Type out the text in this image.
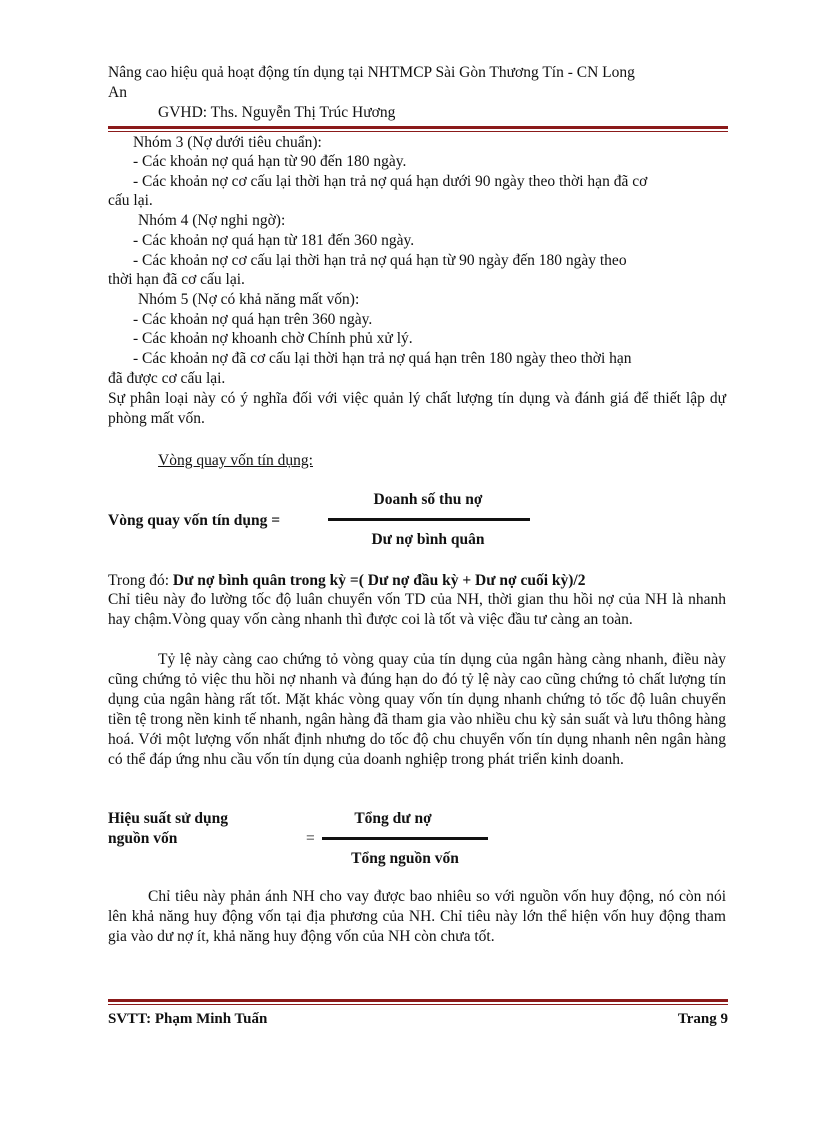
Nâng cao hiệu quả hoạt động tín dụng tại NHTMCP Sài Gòn Thương Tín - CN Long
An
GVHD: Ths. Nguyễn Thị Trúc Hương
Nhóm 3 (Nợ dưới tiêu chuẩn):
- Các khoản nợ quá hạn từ 90 đến 180 ngày.
- Các khoản nợ cơ cấu lại thời hạn trả nợ quá hạn dưới 90 ngày theo thời hạn đã cơ
cấu lại.
Nhóm 4 (Nợ nghi ngờ):
- Các khoản nợ quá hạn từ 181 đến 360 ngày.
- Các khoản nợ cơ cấu lại thời hạn trả nợ quá hạn từ 90 ngày đến 180 ngày theo
thời hạn đã cơ cấu lại.
Nhóm 5 (Nợ có khả năng mất vốn):
- Các khoản nợ quá hạn trên 360 ngày.
- Các khoản nợ khoanh chờ Chính phủ xử lý.
- Các khoản nợ đã cơ cấu lại thời hạn trả nợ quá hạn trên 180 ngày theo thời hạn
đã được cơ cấu lại.
Sự phân loại này có ý nghĩa đối với việc quản lý chất lượng tín dụng và đánh giá để thiết lập dự phòng mất vốn.
Vòng quay vốn tín dụng:
Vòng quay vốn tín dụng =
Doanh số thu nợ
Dư nợ bình quân
Trong đó: Dư nợ bình quân trong kỳ =( Dư nợ đầu kỳ + Dư nợ cuối kỳ)/2
Chỉ tiêu này đo lường tốc độ luân chuyển vốn TD của NH, thời gian thu hồi nợ của NH là nhanh hay chậm.Vòng quay vốn càng nhanh thì được coi là tốt và việc đầu tư càng an toàn.
Tỷ lệ này càng cao chứng tỏ vòng quay của tín dụng của ngân hàng càng nhanh, điều này cũng chứng tỏ việc thu hồi nợ nhanh và đúng hạn do đó tỷ lệ này cao cũng chứng tỏ chất lượng tín dụng của ngân hàng rất tốt. Mặt khác vòng quay vốn tín dụng nhanh chứng tỏ tốc độ luân chuyển tiền tệ trong nền kinh tế nhanh, ngân hàng đã tham gia vào nhiều chu kỳ sản suất và lưu thông hàng hoá. Với một lượng vốn nhất định nhưng do tốc độ chu chuyển vốn tín dụng nhanh nên ngân hàng có thể đáp ứng nhu cầu vốn tín dụng của doanh nghiệp trong phát triển kinh doanh.
Hiệu suất sử dụng
nguồn vốn	=
Tổng dư nợ
Tổng nguồn vốn
Chỉ tiêu này phản ánh NH cho vay được bao nhiêu so với nguồn vốn huy động, nó còn nói lên khả năng huy động vốn tại địa phương của NH. Chỉ tiêu này lớn thể hiện vốn huy động tham gia vào dư nợ ít, khả năng huy động vốn của NH còn chưa tốt.
SVTT: Phạm Minh Tuấn	Trang 9
